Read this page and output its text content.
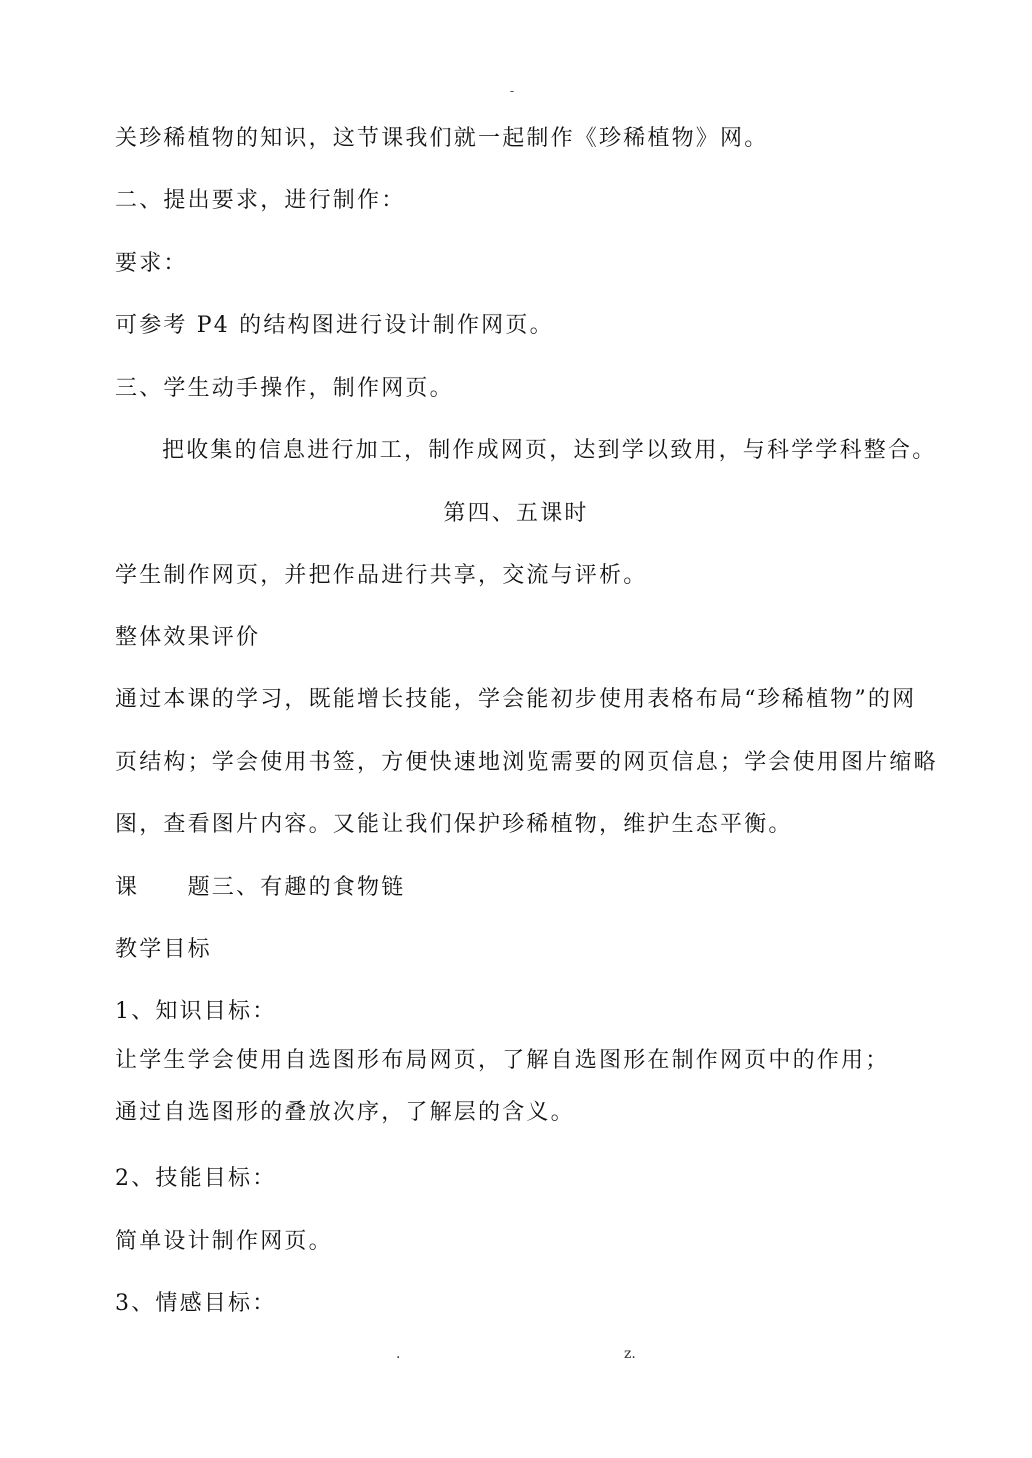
-
关珍稀植物的知识，这节课我们就一起制作《珍稀植物》网。
二、提出要求，进行制作：
要求：
可参考 P4 的结构图进行设计制作网页。
三、学生动手操作，制作网页。
把收集的信息进行加工，制作成网页，达到学以致用，与科学学科整合。
第四、五课时
学生制作网页，并把作品进行共享，交流与评析。
整体效果评价
通过本课的学习，既能增长技能，学会能初步使用表格布局“珍稀植物”的网
页结构；学会使用书签，方便快速地浏览需要的网页信息；学会使用图片缩略
图，查看图片内容。又能让我们保护珍稀植物，维护生态平衡。
课　　题三、有趣的食物链
教学目标
1、知识目标：
让学生学会使用自选图形布局网页，了解自选图形在制作网页中的作用；
通过自选图形的叠放次序，了解层的含义。
2、技能目标：
简单设计制作网页。
3、情感目标：
.	z.
